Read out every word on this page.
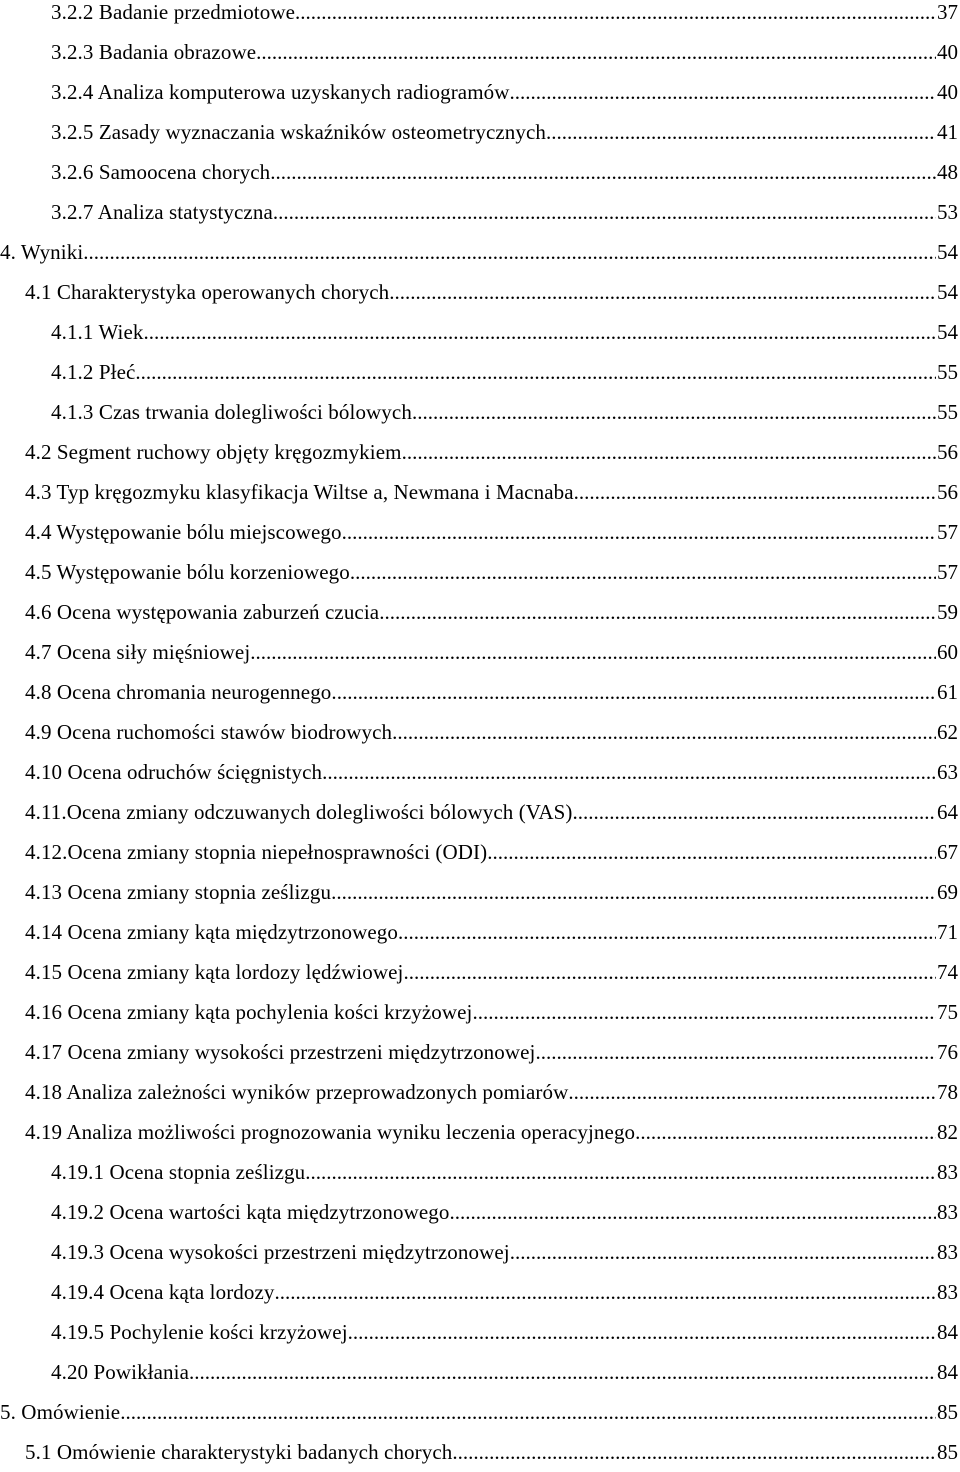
3.2.2 Badanie przedmiotowe .....	37
3.2.3 Badania obrazowe .....	40
3.2.4 Analiza komputerowa uzyskanych radiogramów .....	40
3.2.5 Zasady wyznaczania wskaźników osteometrycznych .....	41
3.2.6 Samoocena chorych .....	48
3.2.7 Analiza statystyczna .....	53
4. Wyniki .....	54
4.1 Charakterystyka operowanych chorych .....	54
4.1.1 Wiek .....	54
4.1.2 Płeć .....	55
4.1.3 Czas trwania dolegliwości bólowych .....	55
4.2 Segment ruchowy objęty kręgozmykiem .....	56
4.3 Typ kręgozmyku klasyfikacja Wiltse a, Newmana i Macnaba .....	56
4.4 Występowanie bólu miejscowego .....	57
4.5 Występowanie bólu korzeniowego .....	57
4.6 Ocena występowania zaburzeń czucia .....	59
4.7 Ocena siły mięśniowej .....	60
4.8 Ocena chromania neurogennego. .....	61
4.9 Ocena ruchomości stawów biodrowych .....	62
4.10 Ocena odruchów ścięgnistych .....	63
4.11.Ocena zmiany odczuwanych dolegliwości bólowych (VAS) .....	64
4.12.Ocena zmiany stopnia niepełnosprawności (ODI) .....	67
4.13 Ocena zmiany stopnia ześlizgu .....	69
4.14 Ocena zmiany kąta międzytrzonowego .....	71
4.15 Ocena zmiany kąta lordozy lędźwiowej .....	74
4.16 Ocena zmiany kąta pochylenia kości krzyżowej .....	75
4.17 Ocena zmiany wysokości przestrzeni międzytrzonowej .....	76
4.18 Analiza zależności wyników przeprowadzonych pomiarów .....	78
4.19 Analiza możliwości prognozowania wyniku leczenia operacyjnego .....	82
4.19.1 Ocena stopnia ześlizgu .....	83
4.19.2 Ocena wartości kąta międzytrzonowego .....	83
4.19.3 Ocena wysokości przestrzeni międzytrzonowej .....	83
4.19.4 Ocena kąta lordozy .....	83
4.19.5 Pochylenie kości krzyżowej .....	84
4.20 Powikłania .....	84
5. Omówienie .....	85
5.1 Omówienie charakterystyki badanych chorych .....	85
